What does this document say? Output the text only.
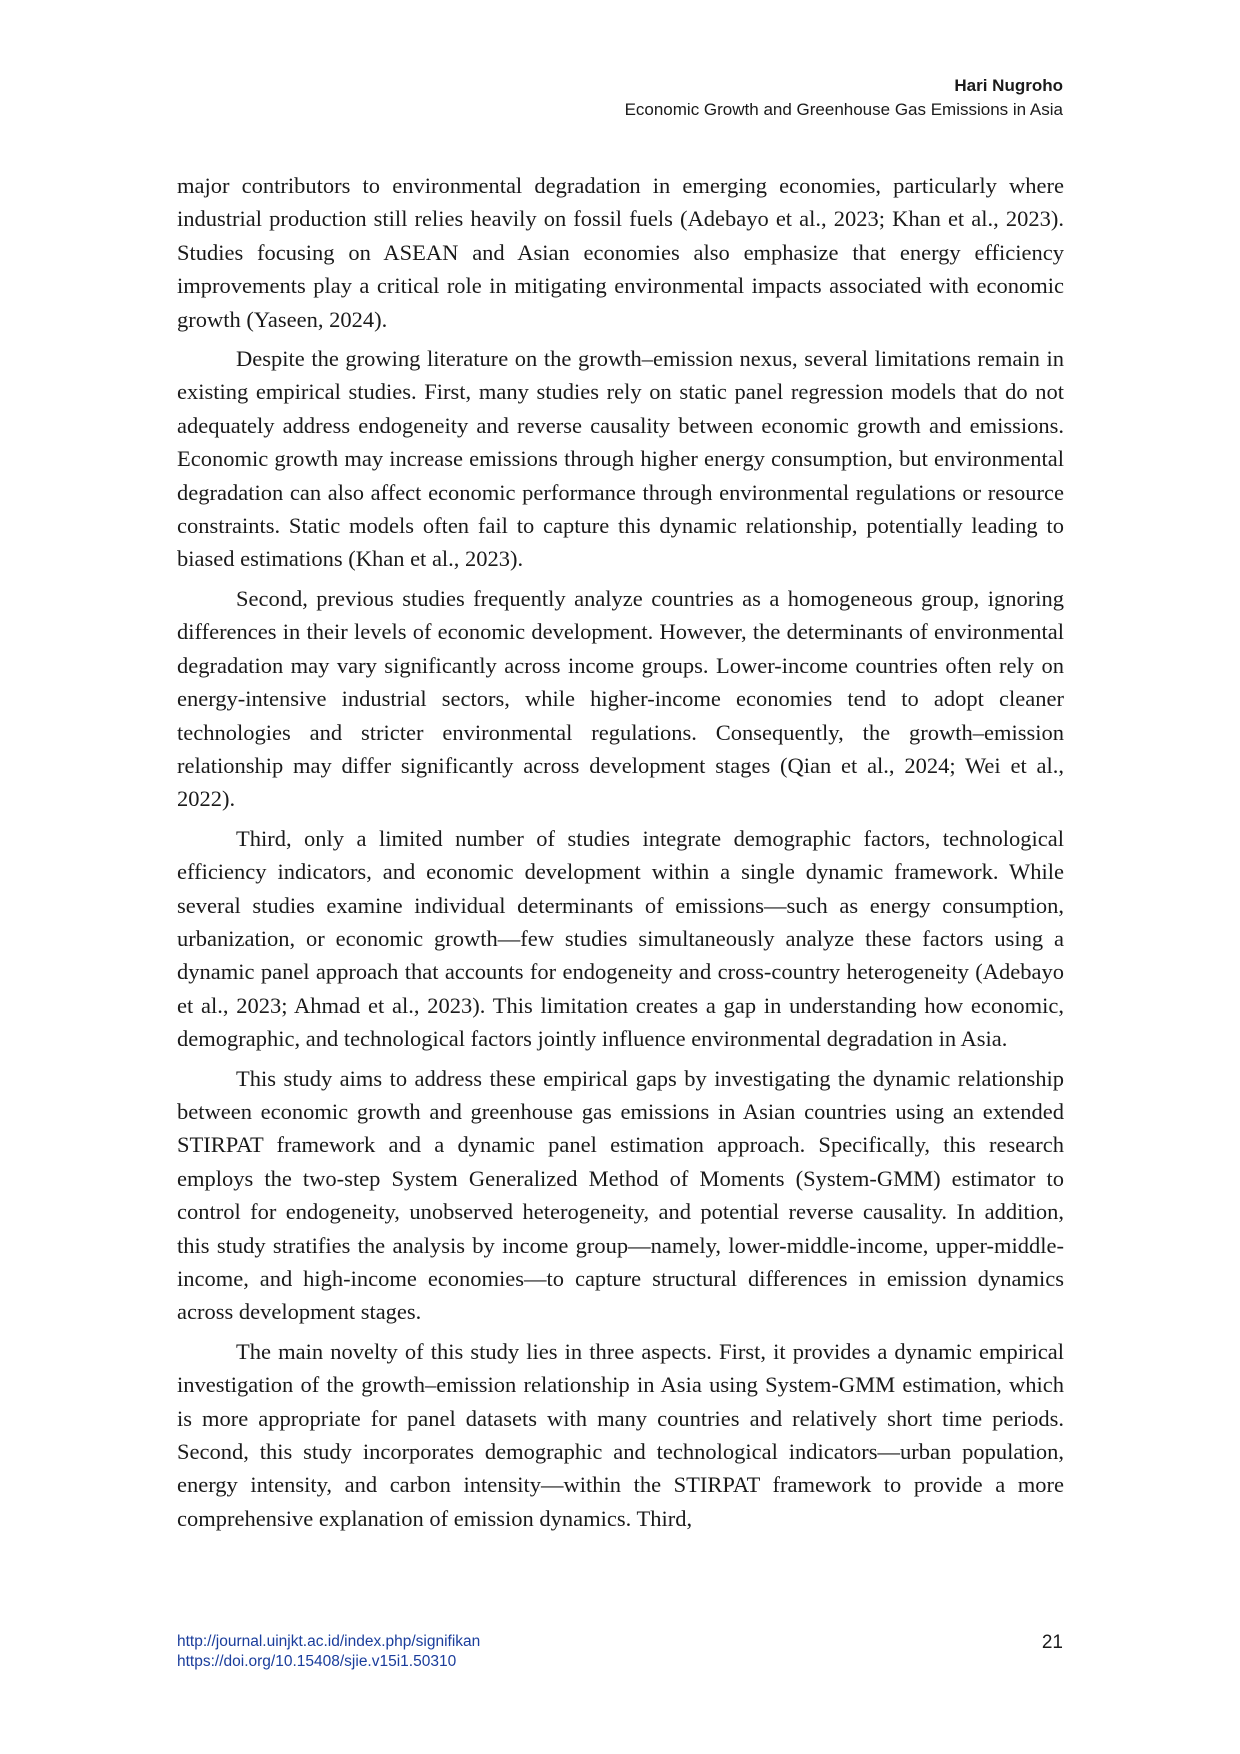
Hari Nugroho
Economic Growth and Greenhouse Gas Emissions in Asia

major contributors to environmental degradation in emerging economies, particularly where industrial production still relies heavily on fossil fuels (Adebayo et al., 2023; Khan et al., 2023). Studies focusing on ASEAN and Asian economies also emphasize that energy efficiency improvements play a critical role in mitigating environmental impacts associated with economic growth (Yaseen, 2024).

Despite the growing literature on the growth–emission nexus, several limitations remain in existing empirical studies. First, many studies rely on static panel regression models that do not adequately address endogeneity and reverse causality between economic growth and emissions. Economic growth may increase emissions through higher energy consumption, but environmental degradation can also affect economic performance through environmental regulations or resource constraints. Static models often fail to capture this dynamic relationship, potentially leading to biased estimations (Khan et al., 2023).

Second, previous studies frequently analyze countries as a homogeneous group, ignoring differences in their levels of economic development. However, the determinants of environmental degradation may vary significantly across income groups. Lower-income countries often rely on energy-intensive industrial sectors, while higher-income economies tend to adopt cleaner technologies and stricter environmental regulations. Consequently, the growth–emission relationship may differ significantly across development stages (Qian et al., 2024; Wei et al., 2022).

Third, only a limited number of studies integrate demographic factors, technological efficiency indicators, and economic development within a single dynamic framework. While several studies examine individual determinants of emissions—such as energy consumption, urbanization, or economic growth—few studies simultaneously analyze these factors using a dynamic panel approach that accounts for endogeneity and cross-country heterogeneity (Adebayo et al., 2023; Ahmad et al., 2023). This limitation creates a gap in understanding how economic, demographic, and technological factors jointly influence environmental degradation in Asia.

This study aims to address these empirical gaps by investigating the dynamic relationship between economic growth and greenhouse gas emissions in Asian countries using an extended STIRPAT framework and a dynamic panel estimation approach. Specifically, this research employs the two-step System Generalized Method of Moments (System-GMM) estimator to control for endogeneity, unobserved heterogeneity, and potential reverse causality. In addition, this study stratifies the analysis by income group—namely, lower-middle-income, upper-middle-income, and high-income economies—to capture structural differences in emission dynamics across development stages.

The main novelty of this study lies in three aspects. First, it provides a dynamic empirical investigation of the growth–emission relationship in Asia using System-GMM estimation, which is more appropriate for panel datasets with many countries and relatively short time periods. Second, this study incorporates demographic and technological indicators—urban population, energy intensity, and carbon intensity—within the STIRPAT framework to provide a more comprehensive explanation of emission dynamics. Third,

http://journal.uinjkt.ac.id/index.php/signifikan
https://doi.org/10.15408/sjie.v15i1.50310
21
